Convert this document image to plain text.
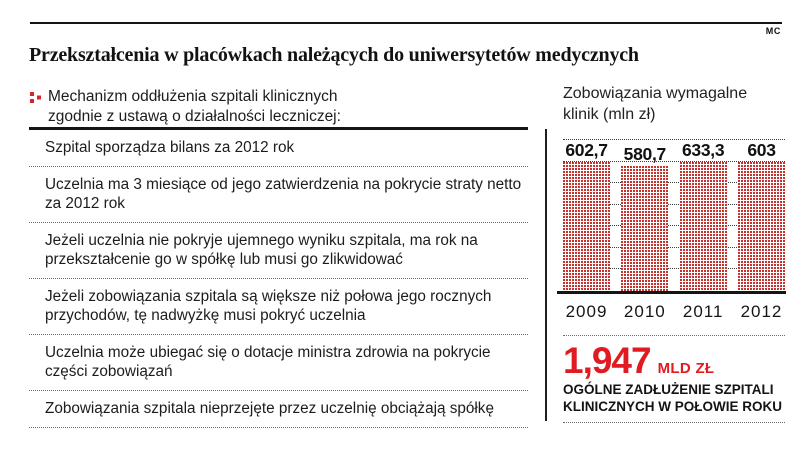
MC
Przekształcenia w placówkach należących do uniwersytetów medycznych
Mechanizm oddłużenia szpitali klinicznych
zgodnie z ustawą o działalności leczniczej:
Szpital sporządza bilans za 2012 rok
Uczelnia ma 3 miesiące od jego zatwierdzenia na pokrycie straty netto za 2012 rok
Jeżeli uczelnia nie pokryje ujemnego wyniku szpitala, ma rok na przekształcenie go w spółkę lub musi go zlikwidować
Jeżeli zobowiązania szpitala są większe niż połowa jego rocznych przychodów, tę nadwyżkę musi pokryć uczelnia
Uczelnia może ubiegać się o dotacje ministra zdrowia na pokrycie części zobowiązań
Zobowiązania szpitala nieprzejęte przez uczelnię obciążają spółkę
Zobowiązania wymagalne klinik (mln zł)
602,7 580,7 633,3 603
2009 2010 2011 2012
1,947 MLD ZŁ
OGÓLNE ZADŁUŻENIE SZPITALI KLINICZNYCH W POŁOWIE ROKU
